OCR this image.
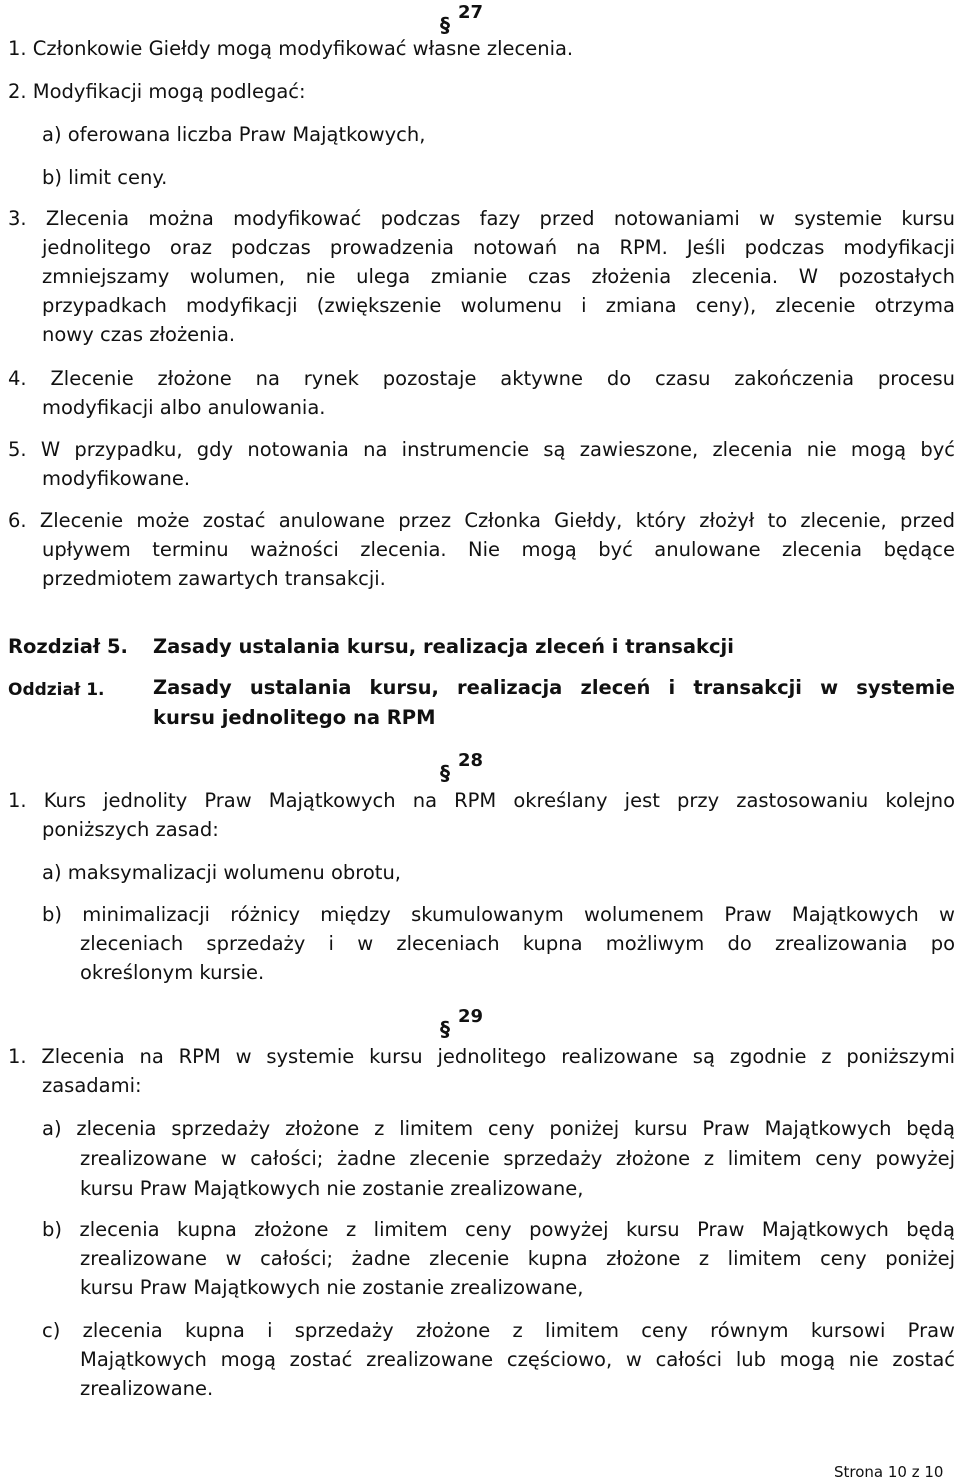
§
27
1. Członkowie Giełdy mogą modyfikować własne zlecenia.
2. Modyfikacji mogą podlegać:
a) oferowana liczba Praw Majątkowych,
b) limit ceny.
3. Zlecenia można modyfikować podczas fazy przed notowaniami w systemie kursu
jednolitego oraz podczas prowadzenia notowań na RPM. Jeśli podczas modyfikacji
zmniejszamy wolumen, nie ulega zmianie czas złożenia zlecenia. W pozostałych
przypadkach modyfikacji (zwiększenie wolumenu i zmiana ceny), zlecenie otrzyma
nowy czas złożenia.
4. Zlecenie złożone na rynek pozostaje aktywne do czasu zakończenia procesu
modyfikacji albo anulowania.
5. W przypadku, gdy notowania na instrumencie są zawieszone, zlecenia nie mogą być
modyfikowane.
6. Zlecenie może zostać anulowane przez Członka Giełdy, który złożył to zlecenie, przed
upływem terminu ważności zlecenia. Nie mogą być anulowane zlecenia będące
przedmiotem zawartych transakcji.
Rozdział 5. Zasady ustalania kursu, realizacja zleceń i transakcji
Oddział 1. Zasady ustalania kursu, realizacja zleceń i transakcji w systemie
kursu jednolitego na RPM
§
28
1. Kurs jednolity Praw Majątkowych na RPM określany jest przy zastosowaniu kolejno
poniższych zasad:
a) maksymalizacji wolumenu obrotu,
b) minimalizacji różnicy między skumulowanym wolumenem Praw Majątkowych w
zleceniach sprzedaży i w zleceniach kupna możliwym do zrealizowania po
określonym kursie.
§
29
1. Zlecenia na RPM w systemie kursu jednolitego realizowane są zgodnie z poniższymi
zasadami:
a) zlecenia sprzedaży złożone z limitem ceny poniżej kursu Praw Majątkowych będą
zrealizowane w całości; żadne zlecenie sprzedaży złożone z limitem ceny powyżej
kursu Praw Majątkowych nie zostanie zrealizowane,
b) zlecenia kupna złożone z limitem ceny powyżej kursu Praw Majątkowych będą
zrealizowane w całości; żadne zlecenie kupna złożone z limitem ceny poniżej
kursu Praw Majątkowych nie zostanie zrealizowane,
c) zlecenia kupna i sprzedaży złożone z limitem ceny równym kursowi Praw
Majątkowych mogą zostać zrealizowane częściowo, w całości lub mogą nie zostać
zrealizowane.
Strona 10 z 10
